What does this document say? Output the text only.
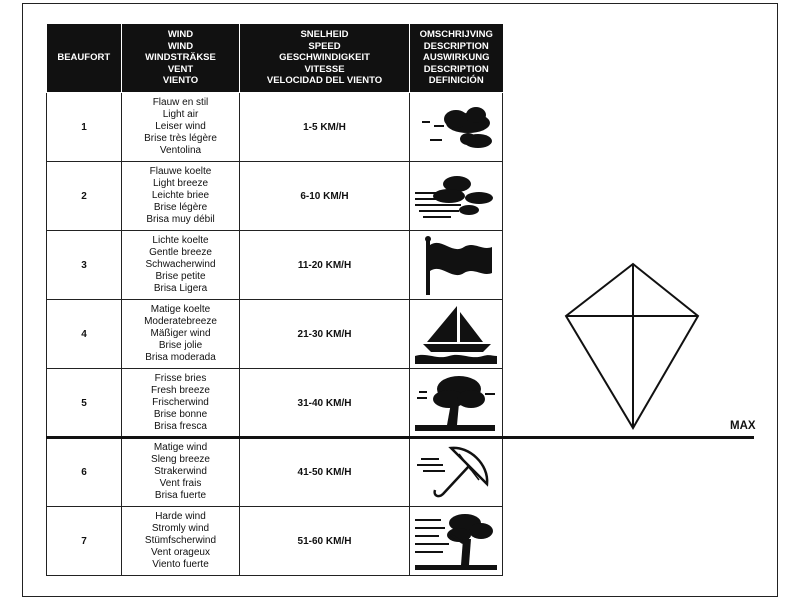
BEAUFORT	WIND
WIND
WINDSTRÄKSE
VENT
VIENTO	SNELHEID
SPEED
GESCHWINDIGKEIT
VITESSE
VELOCIDAD DEL VIENTO	OMSCHRIJVING
DESCRIPTION
AUSWIRKUNG
DESCRIPTION
DEFINICIÓN

1	Flauw en stil
Light air
Leiser wind
Brise très légère
Ventolina	1-5 KM/H	

2	Flauwe koelte
Light breeze
Leichte briee
Brise légère
Brisa muy débil	6-10 KM/H	

3	Lichte koelte
Gentle breeze
Schwacherwind
Brise petite
Brisa Ligera	11-20 KM/H	

4	Matige koelte
Moderatebreeze
Mäßiger wind
Brise jolie
Brisa moderada	21-30 KM/H	

5	Frisse bries
Fresh breeze
Frischerwind
Brise bonne
Brisa fresca	31-40 KM/H	

6	Matige wind
Sleng breeze
Strakerwind
Vent frais
Brisa fuerte	41-50 KM/H	

7	Harde wind
Stromly wind
Stümfscherwind
Vent orageux
Viento fuerte	51-60 KM/H	
MAX
